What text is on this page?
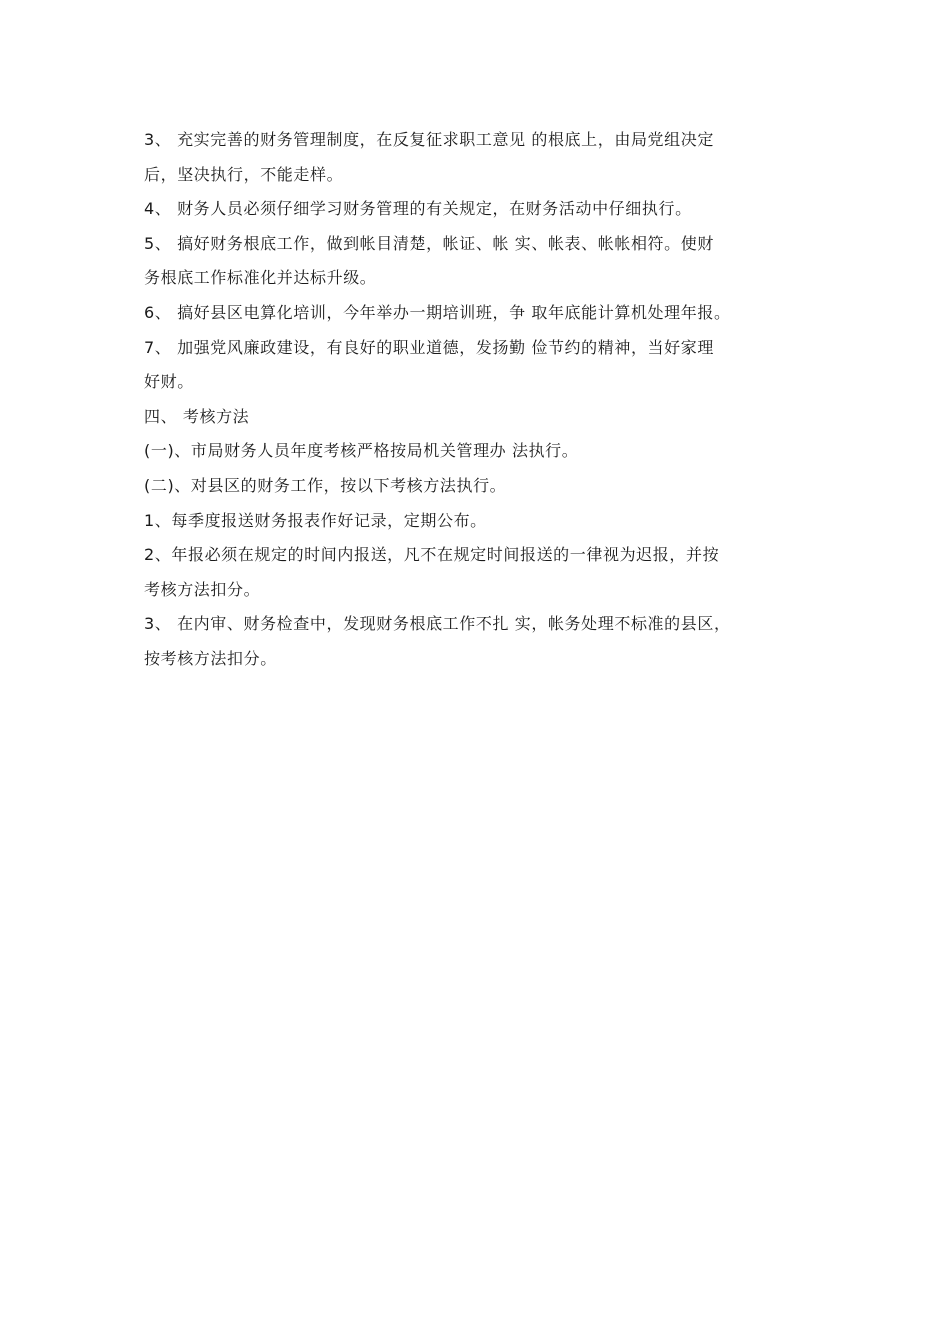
3、 充实完善的财务管理制度，在反复征求职工意见 的根底上，由局党组决定
后，坚决执行，不能走样。
4、 财务人员必须仔细学习财务管理的有关规定，在财务活动中仔细执行。
5、 搞好财务根底工作，做到帐目清楚，帐证、帐 实、帐表、帐帐相符。使财
务根底工作标准化并达标升级。
6、 搞好县区电算化培训，今年举办一期培训班，争 取年底能计算机处理年报。
7、 加强党风廉政建设，有良好的职业道德，发扬勤 俭节约的精神，当好家理
好财。
四、 考核方法
(一)、市局财务人员年度考核严格按局机关管理办 法执行。
(二)、对县区的财务工作，按以下考核方法执行。
1、每季度报送财务报表作好记录，定期公布。
2、年报必须在规定的时间内报送，凡不在规定时间报送的一律视为迟报，并按
考核方法扣分。
3、 在内审、财务检查中，发现财务根底工作不扎 实，帐务处理不标准的县区，
按考核方法扣分。
